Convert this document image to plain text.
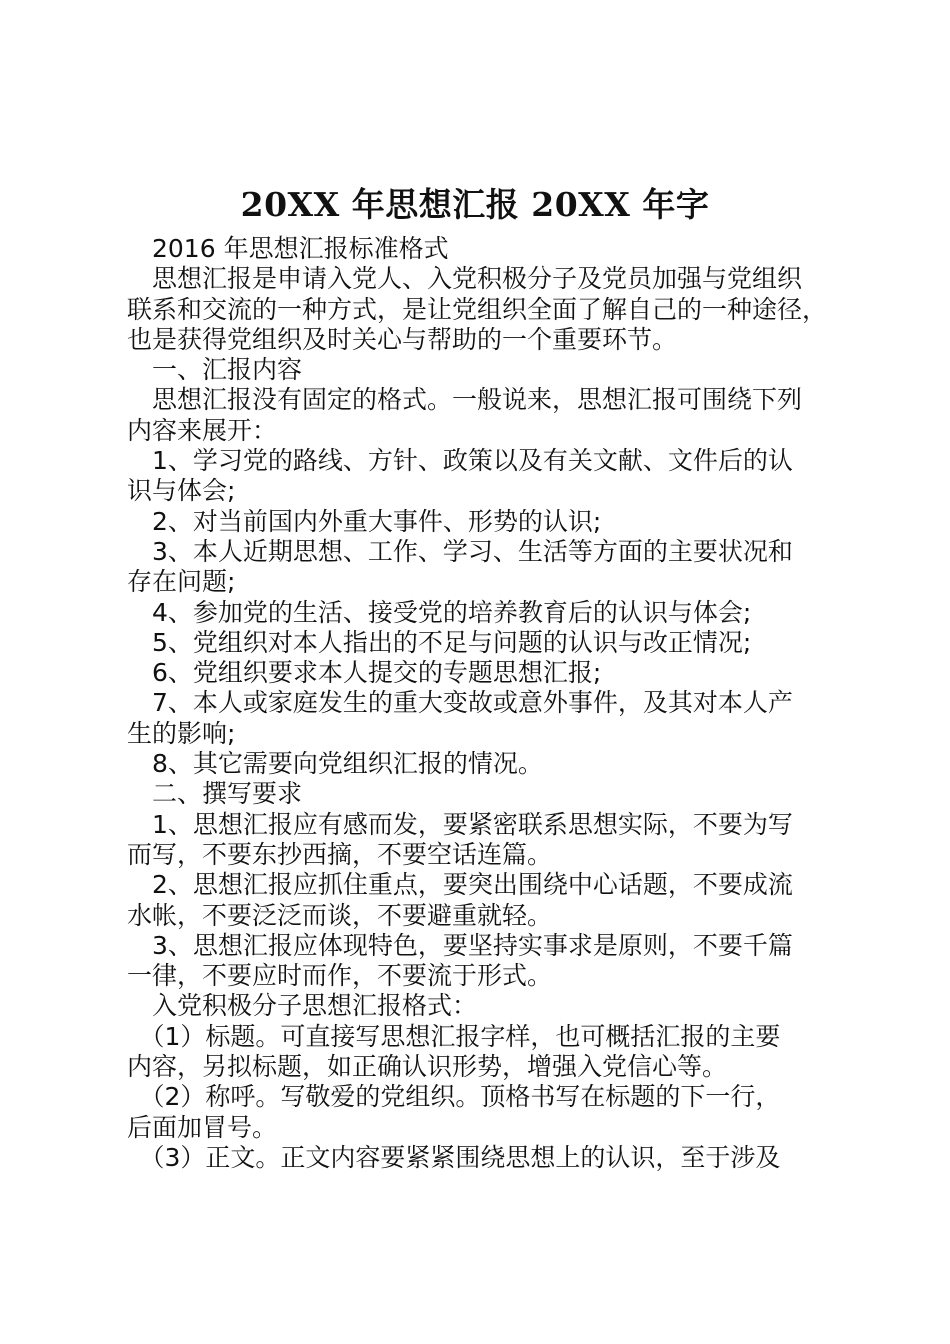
20XX 年思想汇报 20XX 年字

　2016 年思想汇报标准格式

　思想汇报是申请入党人、入党积极分子及党员加强与党组织

联系和交流的一种方式，是让党组织全面了解自己的一种途径，

也是获得党组织及时关心与帮助的一个重要环节。

　一、汇报内容

　思想汇报没有固定的格式。一般说来，思想汇报可围绕下列

内容来展开：

　1、学习党的路线、方针、政策以及有关文献、文件后的认

识与体会;

　2、对当前国内外重大事件、形势的认识;

　3、本人近期思想、工作、学习、生活等方面的主要状况和

存在问题;

　4、参加党的生活、接受党的培养教育后的认识与体会;

　5、党组织对本人指出的不足与问题的认识与改正情况;

　6、党组织要求本人提交的专题思想汇报;

　7、本人或家庭发生的重大变故或意外事件，及其对本人产

生的影响;

　8、其它需要向党组织汇报的情况。

　二、撰写要求

　1、思想汇报应有感而发，要紧密联系思想实际，不要为写

而写，不要东抄西摘，不要空话连篇。

　2、思想汇报应抓住重点，要突出围绕中心话题，不要成流

水帐，不要泛泛而谈，不要避重就轻。

　3、思想汇报应体现特色，要坚持实事求是原则，不要千篇

一律，不要应时而作，不要流于形式。

　入党积极分子思想汇报格式：

　（1）标题。可直接写思想汇报字样，也可概括汇报的主要

内容，另拟标题，如正确认识形势，增强入党信心等。

　（2）称呼。写敬爱的党组织。顶格书写在标题的下一行，

后面加冒号。

　（3）正文。正文内容要紧紧围绕思想上的认识，至于涉及
